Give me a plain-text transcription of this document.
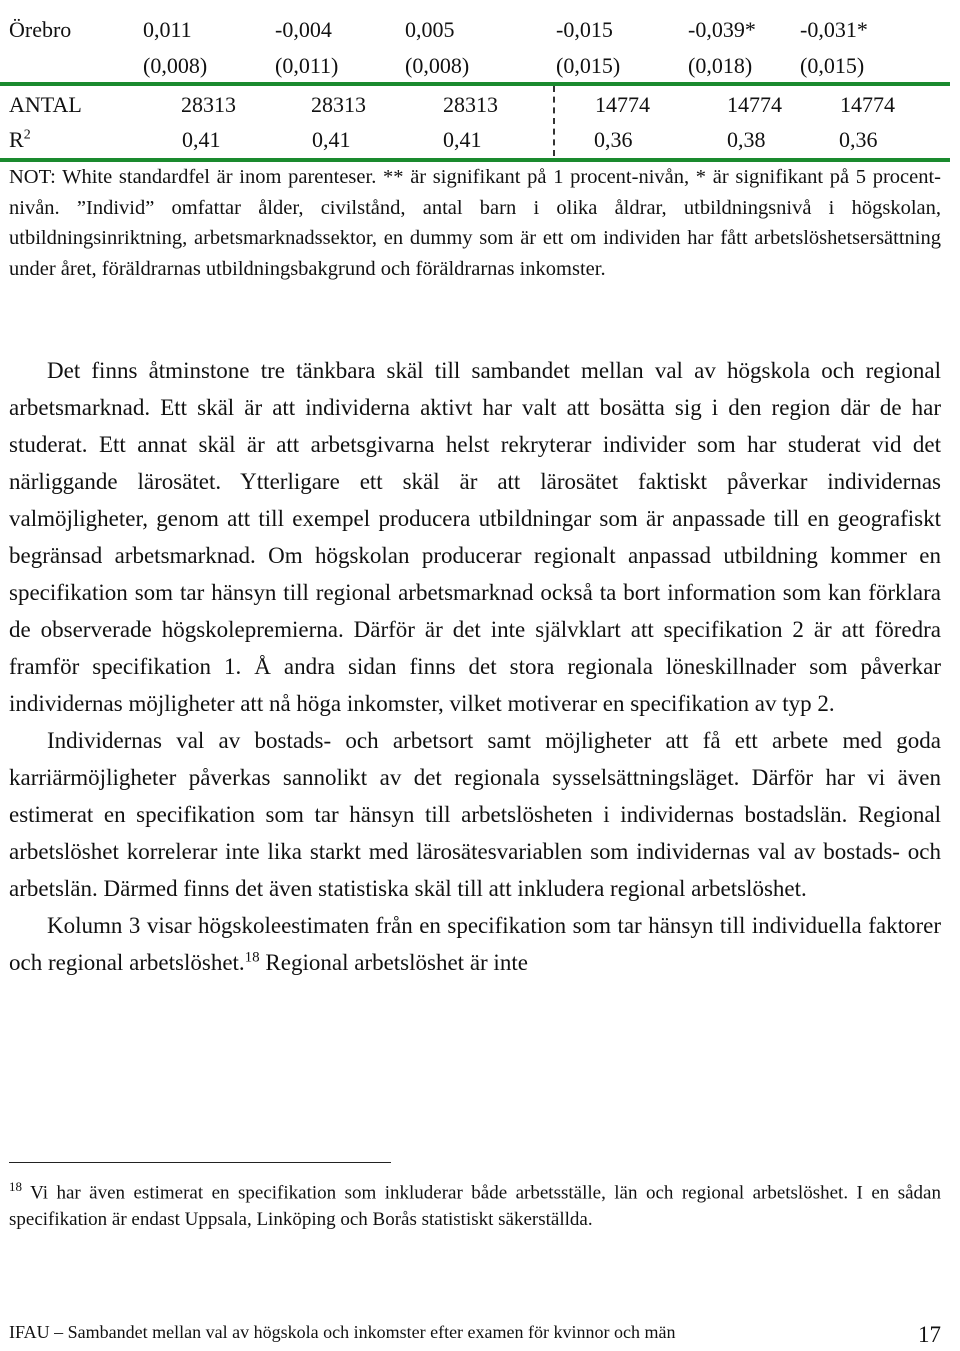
Örebro	0,011	-0,004	0,005	-0,015	-0,039* -0,031*
(0,008)	(0,011)	(0,008)	(0,015)	(0,018) (0,015)
ANTAL	28313	28313	28313	14774	14774	14774
$R^2$	0,41	0,41	0,41	0,36	0,38	0,36
NOT: White standardfel är inom parenteser. ** är signifikant på 1 procent-nivån, * är signifikant på 5 procent-nivån. ”Individ” omfattar ålder, civilstånd, antal barn i olika åldrar, utbildningsnivå i högskolan, utbildningsinriktning, arbetsmarknadssektor, en dummy som är ett om individen har fått arbetslöshetsersättning under året, föräldrarnas utbildningsbakgrund och föräldrarnas inkomster.

Det finns åtminstone tre tänkbara skäl till sambandet mellan val av högskola och regional arbetsmarknad. Ett skäl är att individerna aktivt har valt att bosätta sig i den region där de har studerat. Ett annat skäl är att arbetsgivarna helst rekryterar individer som har studerat vid det närliggande lärosätet. Ytterligare ett skäl är att lärosätet faktiskt påverkar individernas valmöjligheter, genom att till exempel producera utbildningar som är anpassade till en geografiskt begränsad arbetsmarknad. Om högskolan producerar regionalt anpassad utbildning kommer en specifikation som tar hänsyn till regional arbetsmarknad också ta bort information som kan förklara de observerade högskolepremierna. Därför är det inte självklart att specifikation 2 är att föredra framför specifikation 1. Å andra sidan finns det stora regionala löneskillnader som påverkar individernas möjligheter att nå höga inkomster, vilket motiverar en specifikation av typ 2.

Individernas val av bostads- och arbetsort samt möjligheter att få ett arbete med goda karriärmöjligheter påverkas sannolikt av det regionala sysselsättningsläget. Därför har vi även estimerat en specifikation som tar hänsyn till arbetslösheten i individernas bostadslän. Regional arbetslöshet korrelerar inte lika starkt med lärosätesvariablen som individernas val av bostads- och arbetslän. Därmed finns det även statistiska skäl till att inkludera regional arbetslöshet.

Kolumn 3 visar högskoleestimaten från en specifikation som tar hänsyn till individuella faktorer och regional arbetslöshet.$^{18}$ Regional arbetslöshet är inte

$^{18}$ Vi har även estimerat en specifikation som inkluderar både arbetsställe, län och regional arbetslöshet. I en sådan specifikation är endast Uppsala, Linköping och Borås statistiskt säkerställda.
IFAU – Sambandet mellan val av högskola och inkomster efter examen för kvinnor och män	17
